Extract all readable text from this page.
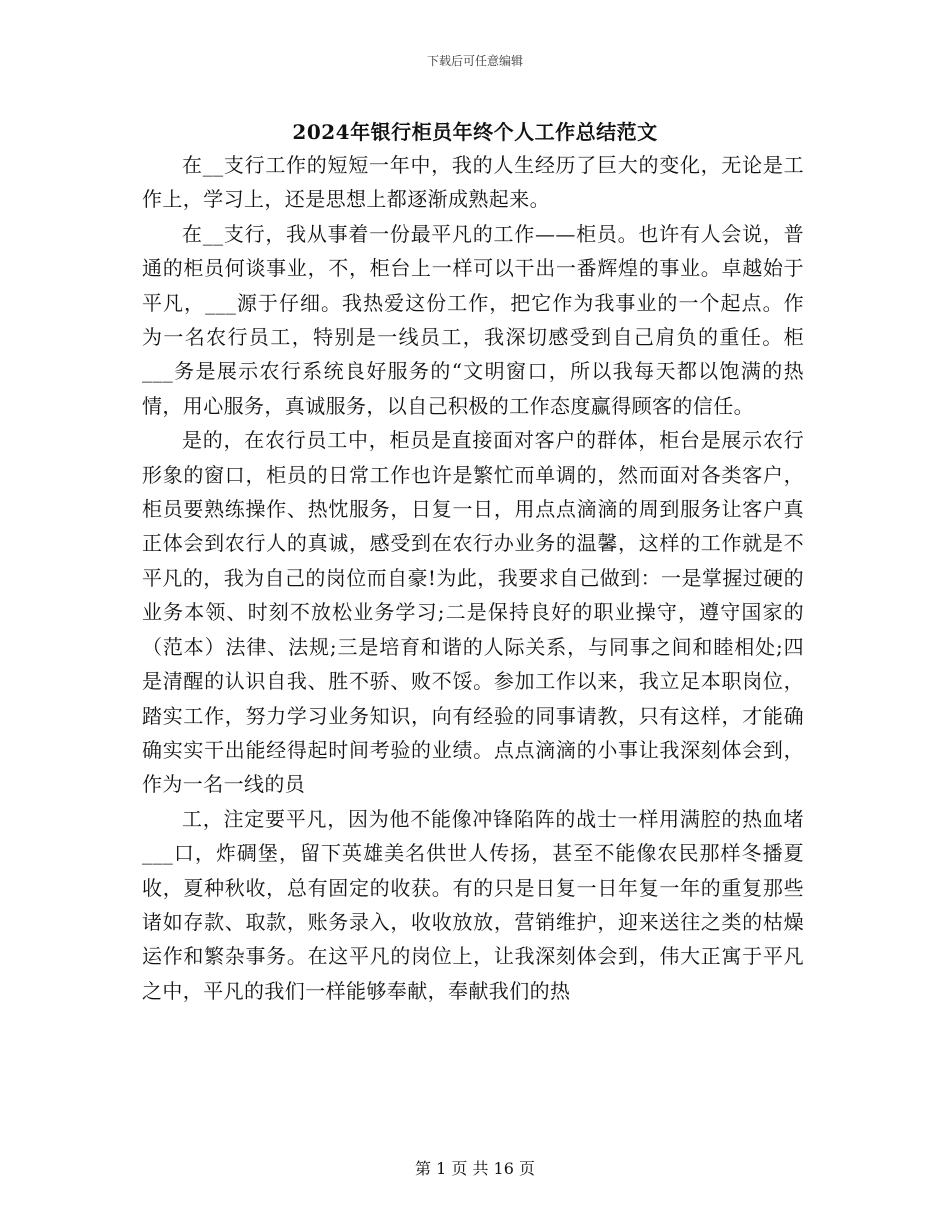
下载后可任意编辑
2024年银行柜员年终个人工作总结范文

在__支行工作的短短一年中，我的人生经历了巨大的变化，无论是工作上，学习上，还是思想上都逐渐成熟起来。

在__支行，我从事着一份最平凡的工作——柜员。也许有人会说，普通的柜员何谈事业，不，柜台上一样可以干出一番辉煌的事业。卓越始于平凡，___源于仔细。我热爱这份工作，把它作为我事业的一个起点。作为一名农行员工，特别是一线员工，我深切感受到自己肩负的重任。柜___务是展示农行系统良好服务的“文明窗口，所以我每天都以饱满的热情，用心服务，真诚服务，以自己积极的工作态度赢得顾客的信任。

是的，在农行员工中，柜员是直接面对客户的群体，柜台是展示农行形象的窗口，柜员的日常工作也许是繁忙而单调的，然而面对各类客户，柜员要熟练操作、热忱服务，日复一日，用点点滴滴的周到服务让客户真正体会到农行人的真诚，感受到在农行办业务的温馨，这样的工作就是不平凡的，我为自己的岗位而自豪!为此，我要求自己做到：一是掌握过硬的业务本领、时刻不放松业务学习;二是保持良好的职业操守，遵守国家的（范本）法律、法规;三是培育和谐的人际关系，与同事之间和睦相处;四是清醒的认识自我、胜不骄、败不馁。参加工作以来，我立足本职岗位，踏实工作，努力学习业务知识，向有经验的同事请教，只有这样，才能确确实实干出能经得起时间考验的业绩。点点滴滴的小事让我深刻体会到，作为一名一线的员

工，注定要平凡，因为他不能像冲锋陷阵的战士一样用满腔的热血堵___口，炸碉堡，留下英雄美名供世人传扬，甚至不能像农民那样冬播夏收，夏种秋收，总有固定的收获。有的只是日复一日年复一年的重复那些诸如存款、取款，账务录入，收收放放，营销维护，迎来送往之类的枯燥运作和繁杂事务。在这平凡的岗位上，让我深刻体会到，伟大正寓于平凡之中，平凡的我们一样能够奉献，奉献我们的热

第 1 页 共 16 页
